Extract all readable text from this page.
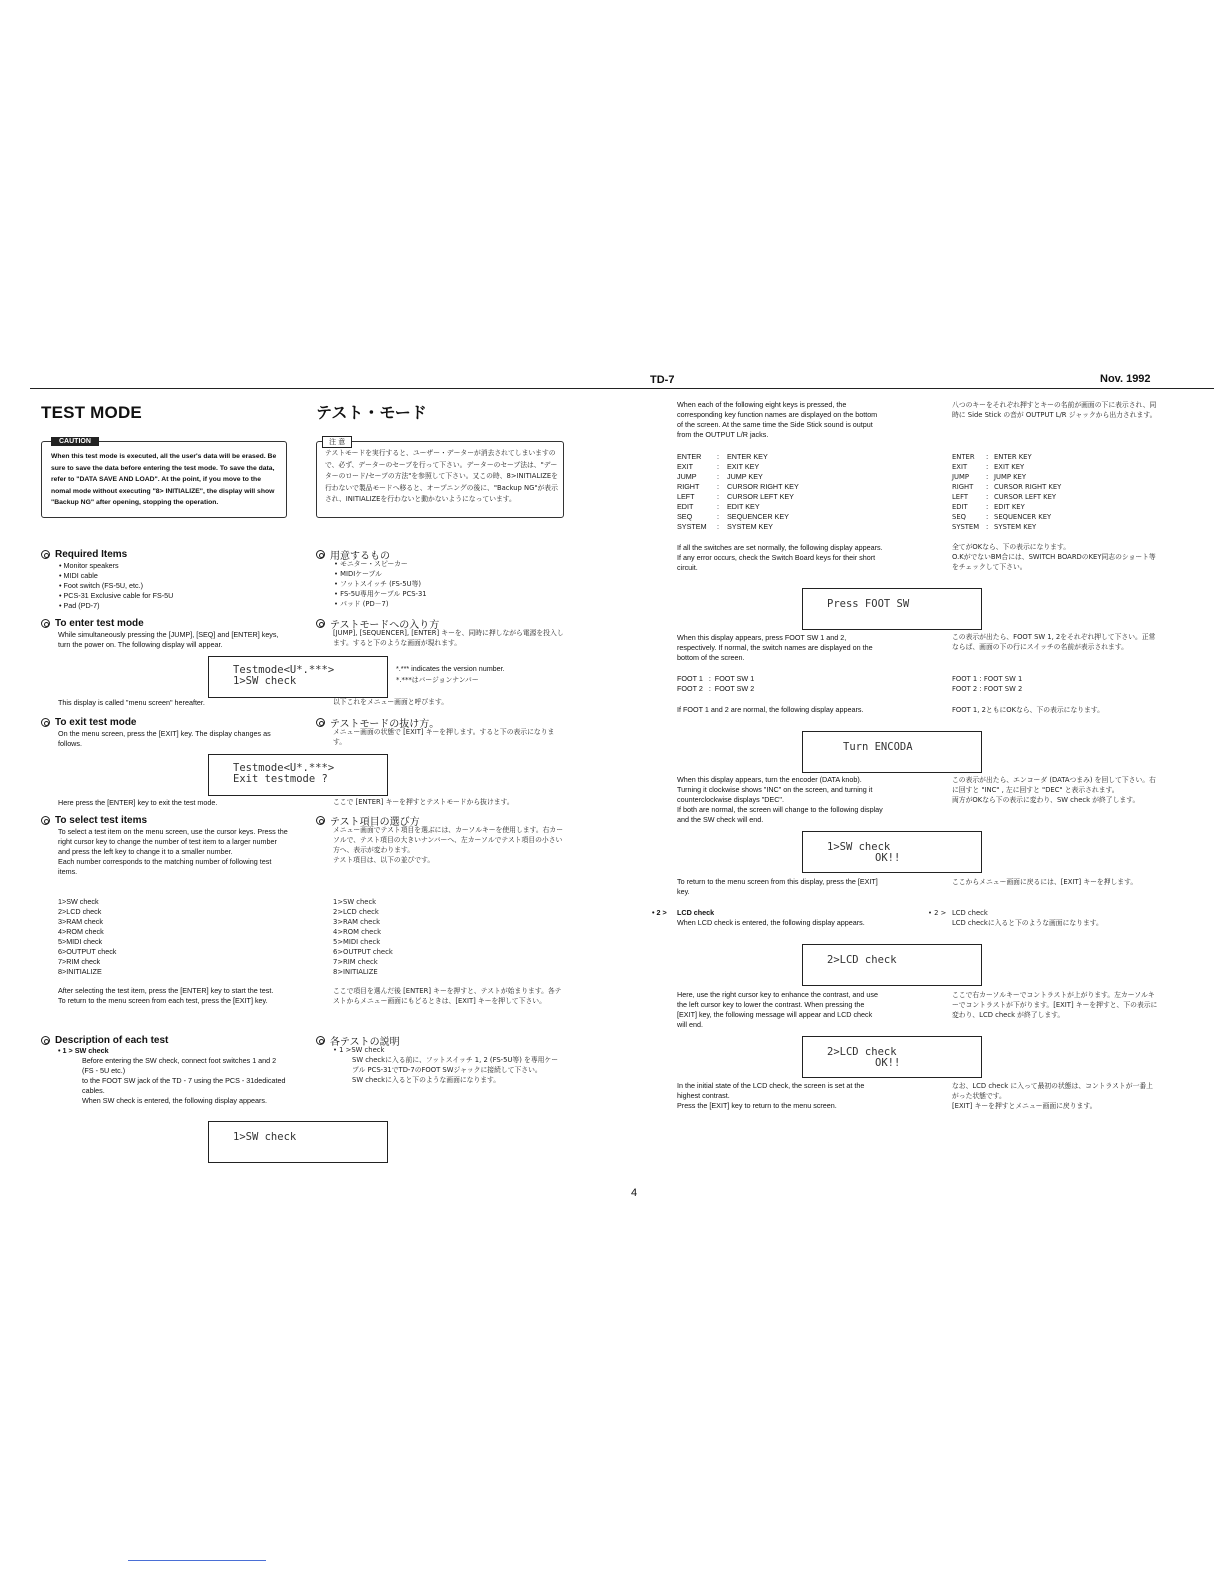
TD-7	Nov. 1992
TEST MODE
CAUTION
When this test mode is executed, all the user's data will be erased. Be sure to save the data before entering the test mode. To save the data, refer to "DATA SAVE AND LOAD". At the point, if you move to the nomal mode without executing "8> INITIALIZE", the display will show "Backup NG" after opening, stopping the operation.
Required Items
• Monitor speakers
• MIDI cable
• Foot switch (FS-5U, etc.)
• PCS-31 Exclusive cable for FS-5U
• Pad (PD-7)
To enter test mode
While simultaneously pressing the [JUMP], [SEQ] and [ENTER] keys, turn the power on. The following display will appear.
Testmode<U*.***>
1>SW check
*.*** indicates the version number.
*.***はバージョンナンバー
This display is called "menu screen" hereafter.
To exit test mode
On the menu screen, press the [EXIT] key. The display changes as follows.
Testmode<U*.***>
Exit testmode ?
Here press the [ENTER] key to exit the test mode.
To select test items
To select a test item on the menu screen, use the cursor keys. Press the right cursor key to change the number of test item to a larger number and press the left key to change it to a smaller number.
Each number corresponds to the matching number of following test items.
1>SW check
2>LCD check
3>RAM check
4>ROM check
5>MIDI check
6>OUTPUT check
7>RIM check
8>INITIALIZE
After selecting the test item, press the [ENTER] key to start the test.
To return to the menu screen from each test, press the [EXIT] key.
Description of each test
• 1 > SW check
Before entering the SW check, connect foot switches 1 and 2 (FS - 5U etc.)
to the FOOT SW jack of the TD - 7 using the PCS - 31dedicated cables.
When SW check is entered, the following display appears.
1>SW check
テスト・モード
注 意
テストモードを実行すると、ユーザー・データーが消去されてしまいますので、必ず、データーのセーブを行って下さい。データーのセーブ法は、"データーのロード/セーブの方法"を参照して下さい。又この時、8>INITIALIZEを行わないで製品モードへ移ると、オープニングの後に、"Backup NG"が表示され、INITIALIZEを行わないと動かないようになっています。
用意するもの
• モニター・スピーカー
• MIDIケーブル
• フットスイッチ (FS-5U等)
• FS-5U専用ケーブル PCS-31
• パッド (PD－7)
テストモードへの入り方
[JUMP], [SEQUENCER], [ENTER] キーを、同時に押しながら電源を投入します。すると下のような画面が現れます。
以下これをメニュー画面と呼びます。
テストモードの抜け方。
メニュー画面の状態で [EXIT] キーを押します。すると下の表示になります。
ここで [ENTER] キーを押すとテストモードから抜けます。
テスト項目の選び方
メニュー画面でテスト項目を選ぶには、カーソルキーを使用します。右カーソルで、テスト項目の大きいナンバーへ、左カーソルでテスト項目の小さい方へ、表示が変わります。
テスト項目は、以下の並びです。
1>SW check
2>LCD check
3>RAM check
4>ROM check
5>MIDI check
6>OUTPUT check
7>RIM check
8>INITIALIZE
ここで項目を選んだ後 [ENTER] キーを押すと、テストが始まります。各テストからメニュー画面にもどるときは、[EXIT] キーを押して下さい。
各テストの説明
• 1 >SW check
SW checkに入る前に、フットスイッチ 1, 2 (FS-5U等) を専用ケーブル PCS-31でTD-7のFOOT SWジャックに接続して下さい。
SW checkに入ると下のような画面になります。
When each of the following eight keys is pressed, the corresponding key function names are displayed on the bottom of the screen. At the same time the Side Stick sound is output from the OUTPUT L/R jacks.
ENTER	:	ENTER KEY
EXIT	:	EXIT KEY
JUMP	:	JUMP KEY
RIGHT	:	CURSOR RIGHT KEY
LEFT	:	CURSOR LEFT KEY
EDIT	:	EDIT KEY
SEQ	:	SEQUENCER KEY
SYSTEM	:	SYSTEM KEY
If all the switches are set normally, the following display appears.
If any error occurs, check the Switch Board keys for their short circuit.
Press FOOT SW
When this display appears, press FOOT SW 1 and 2, respectively. If normal, the switch names are displayed on the bottom of the screen.
FOOT 1   :  FOOT SW 1
FOOT 2   :  FOOT SW 2
If FOOT 1 and 2 are normal, the following display appears.
Turn ENCODA
When this display appears, turn the encoder (DATA knob). Turning it clockwise shows "INC" on the screen, and turning it counterclockwise displays "DEC".
If both are normal, the screen will change to the following display and the SW check will end.
1>SW check
OK!!
To return to the menu screen from this display, press the [EXIT] key.
• 2 > LCD check
When LCD check is entered, the following display appears.
2>LCD check
Here, use the right cursor key to enhance the contrast, and use the left cursor key to lower the contrast. When pressing the [EXIT] key, the following message will appear and LCD check will end.
2>LCD check
OK!!
In the initial state of the LCD check, the screen is set at the highest contrast.
Press the [EXIT] key to return to the menu screen.
八つのキーをそれぞれ押すとキーの名前が画面の下に表示され、同時に Side Stick の音が OUTPUT L/R ジャックから出力されます。
ENTER	: ENTER KEY
EXIT	: EXIT KEY
JUMP	: JUMP KEY
RIGHT	: CURSOR RIGHT KEY
LEFT	: CURSOR LEFT KEY
EDIT	: EDIT KEY
SEQ	: SEQUENCER KEY
SYSTEM	: SYSTEM KEY
全てがOKなら、下の表示になります。
O.KがでないBM合には、SWITCH BOARDのKEY同志のショート等をチェックして下さい。
この表示が出たら、FOOT SW 1, 2をそれぞれ押して下さい。正常ならば、画面の下の行にスイッチの名前が表示されます。
FOOT 1 : FOOT SW 1
FOOT 2 : FOOT SW 2
FOOT 1, 2ともにOKなら、下の表示になります。
この表示が出たら、エンコーダ (DATAつまみ) を回して下さい。右に回すと "INC" , 左に回すと "DEC" と表示されます。
両方がOKなら下の表示に変わり、SW check が終了します。
ここからメニュー画面に戻るには、[EXIT] キーを押します。
• 2 > LCD check
LCD checkに入ると下のような画面になります。
ここで右カーソルキーでコントラストが上がります。左カーソルキーでコントラストが下がります。[EXIT] キーを押すと、下の表示に変わり、LCD check が終了します。
なお、LCD check に入って最初の状態は、コントラストが一番上がった状態です。
[EXIT] キーを押すとメニュー画面に戻ります。
4
